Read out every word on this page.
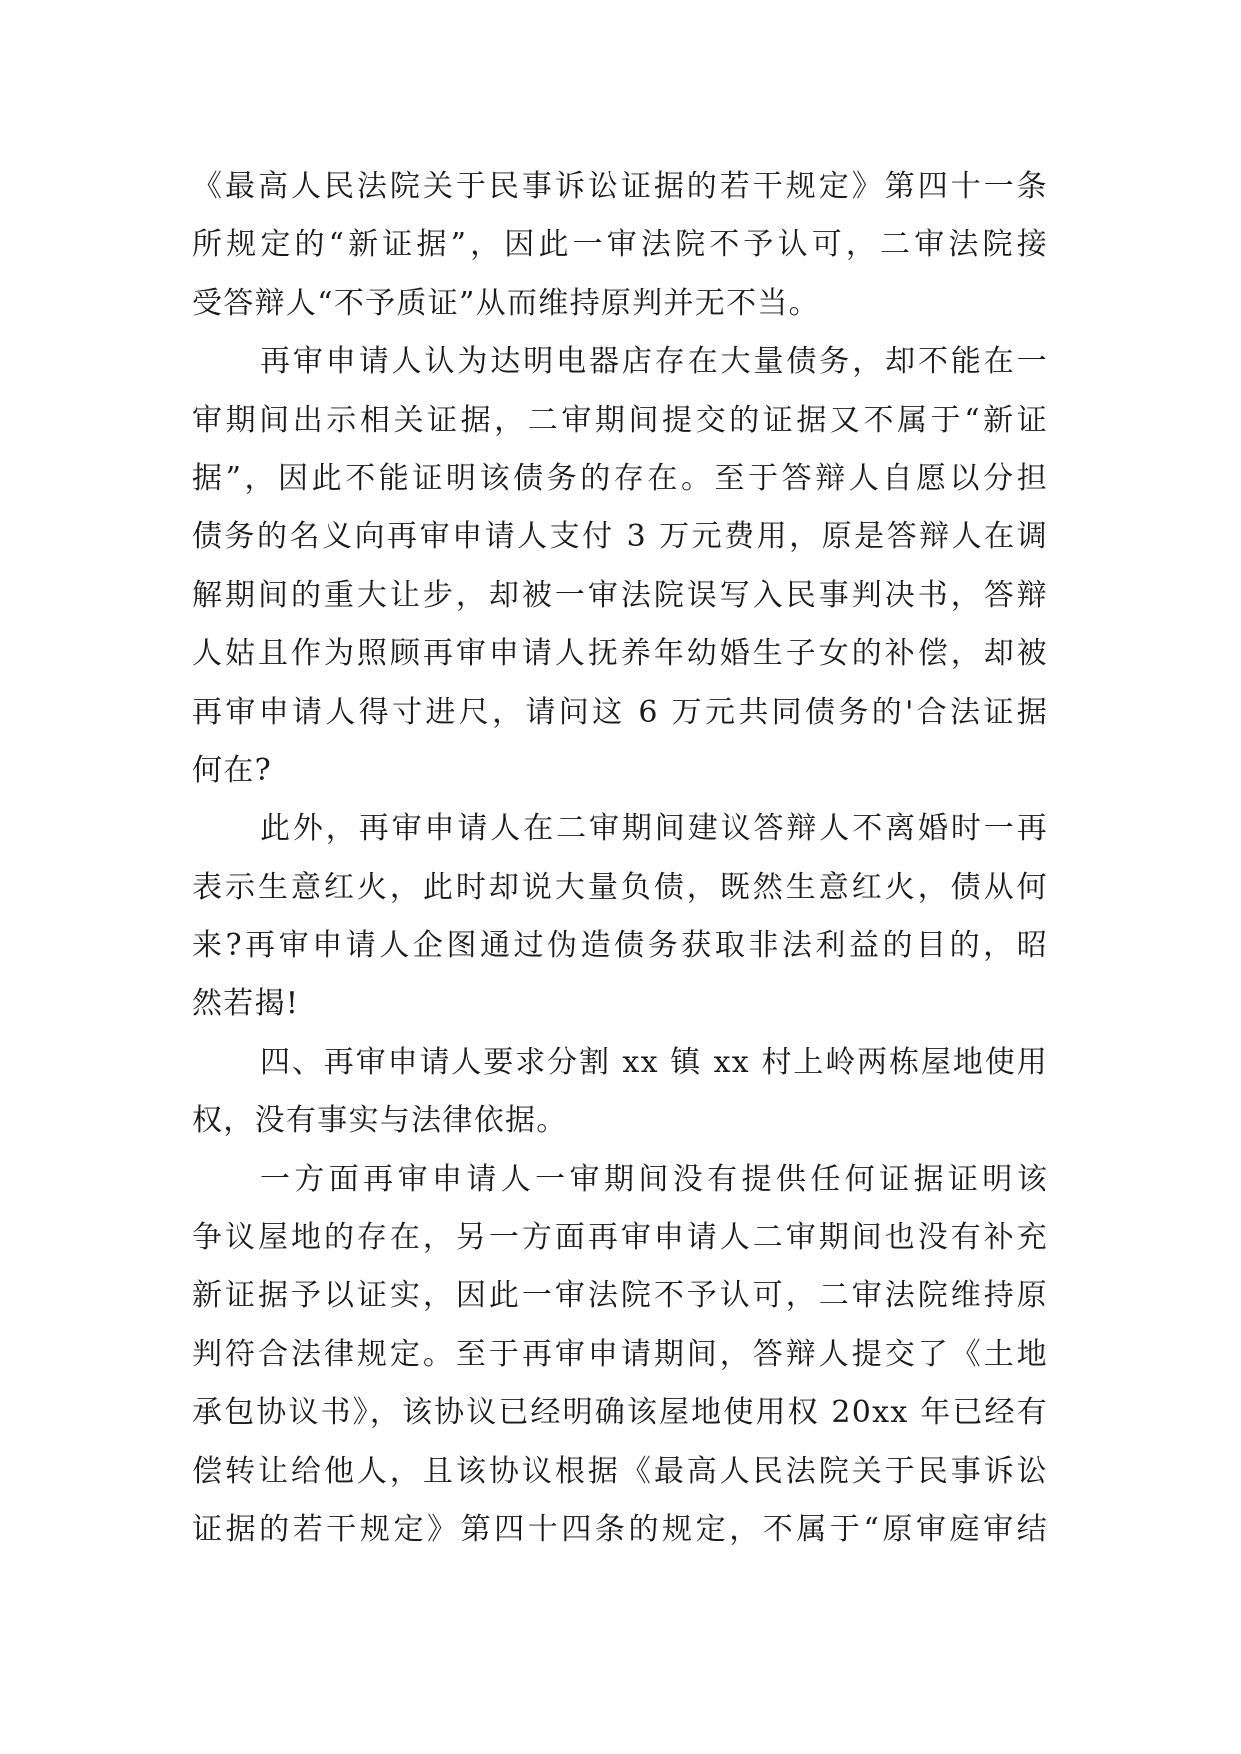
《最高人民法院关于民事诉讼证据的若干规定》第四十一条
所规定的“新证据”，因此一审法院不予认可，二审法院接
受答辩人“不予质证”从而维持原判并无不当。
再审申请人认为达明电器店存在大量债务，却不能在一
审期间出示相关证据，二审期间提交的证据又不属于“新证
据”，因此不能证明该债务的存在。至于答辩人自愿以分担
债务的名义向再审申请人支付 3 万元费用，原是答辩人在调
解期间的重大让步，却被一审法院误写入民事判决书，答辩
人姑且作为照顾再审申请人抚养年幼婚生子女的补偿，却被
再审申请人得寸进尺，请问这 6 万元共同债务的'合法证据
何在?
此外，再审申请人在二审期间建议答辩人不离婚时一再
表示生意红火，此时却说大量负债，既然生意红火，债从何
来?再审申请人企图通过伪造债务获取非法利益的目的，昭
然若揭!
四、再审申请人要求分割 xx 镇 xx 村上岭两栋屋地使用
权，没有事实与法律依据。
一方面再审申请人一审期间没有提供任何证据证明该
争议屋地的存在，另一方面再审申请人二审期间也没有补充
新证据予以证实，因此一审法院不予认可，二审法院维持原
判符合法律规定。至于再审申请期间，答辩人提交了《土地
承包协议书》，该协议已经明确该屋地使用权 20xx 年已经有
偿转让给他人，且该协议根据《最高人民法院关于民事诉讼
证据的若干规定》第四十四条的规定，不属于“原审庭审结
